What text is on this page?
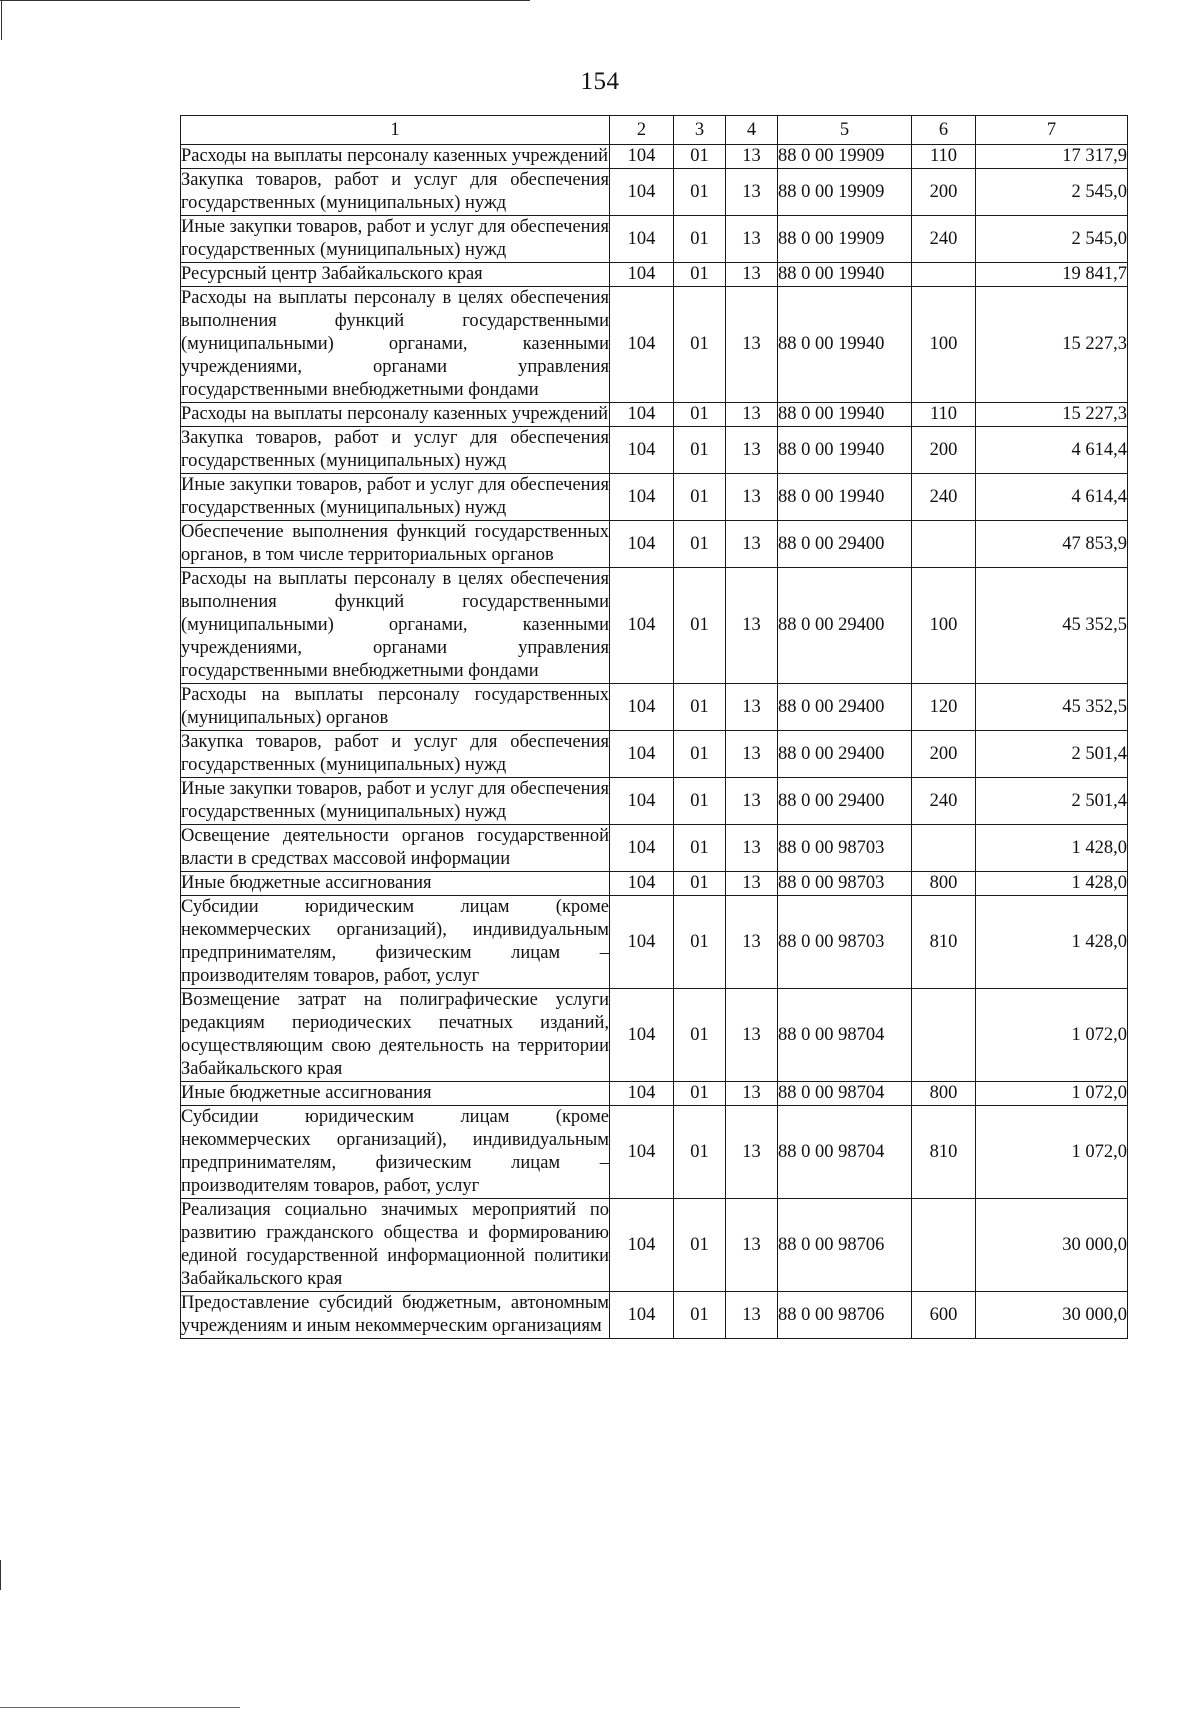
154
1	2	3	4	5	6	7
Расходы на выплаты персоналу казенных учреждений	104	01	13	88 0 00 19909	110	17 317,9
Закупка товаров, работ и услуг для обеспечения государственных (муниципальных) нужд	104	01	13	88 0 00 19909	200	2 545,0
Иные закупки товаров, работ и услуг для обеспечения государственных (муниципальных) нужд	104	01	13	88 0 00 19909	240	2 545,0
Ресурсный центр Забайкальского края	104	01	13	88 0 00 19940		19 841,7
Расходы на выплаты персоналу в целях обеспечения выполнения функций государственными (муниципальными) органами, казенными учреждениями, органами управления государственными внебюджетными фондами	104	01	13	88 0 00 19940	100	15 227,3
Расходы на выплаты персоналу казенных учреждений	104	01	13	88 0 00 19940	110	15 227,3
Закупка товаров, работ и услуг для обеспечения государственных (муниципальных) нужд	104	01	13	88 0 00 19940	200	4 614,4
Иные закупки товаров, работ и услуг для обеспечения государственных (муниципальных) нужд	104	01	13	88 0 00 19940	240	4 614,4
Обеспечение выполнения функций государственных органов, в том числе территориальных органов	104	01	13	88 0 00 29400		47 853,9
Расходы на выплаты персоналу в целях обеспечения выполнения функций государственными (муниципальными) органами, казенными учреждениями, органами управления государственными внебюджетными фондами	104	01	13	88 0 00 29400	100	45 352,5
Расходы на выплаты персоналу государственных (муниципальных) органов	104	01	13	88 0 00 29400	120	45 352,5
Закупка товаров, работ и услуг для обеспечения государственных (муниципальных) нужд	104	01	13	88 0 00 29400	200	2 501,4
Иные закупки товаров, работ и услуг для обеспечения государственных (муниципальных) нужд	104	01	13	88 0 00 29400	240	2 501,4
Освещение деятельности органов государственной власти в средствах массовой информации	104	01	13	88 0 00 98703		1 428,0
Иные бюджетные ассигнования	104	01	13	88 0 00 98703	800	1 428,0
Субсидии юридическим лицам (кроме некоммерческих организаций), индивидуальным предпринимателям, физическим лицам – производителям товаров, работ, услуг	104	01	13	88 0 00 98703	810	1 428,0
Возмещение затрат на полиграфические услуги редакциям периодических печатных изданий, осуществляющим свою деятельность на территории Забайкальского края	104	01	13	88 0 00 98704		1 072,0
Иные бюджетные ассигнования	104	01	13	88 0 00 98704	800	1 072,0
Субсидии юридическим лицам (кроме некоммерческих организаций), индивидуальным предпринимателям, физическим лицам – производителям товаров, работ, услуг	104	01	13	88 0 00 98704	810	1 072,0
Реализация социально значимых мероприятий по развитию гражданского общества и формированию единой государственной информационной политики Забайкальского края	104	01	13	88 0 00 98706		30 000,0
Предоставление субсидий бюджетным, автономным учреждениям и иным некоммерческим организациям	104	01	13	88 0 00 98706	600	30 000,0
